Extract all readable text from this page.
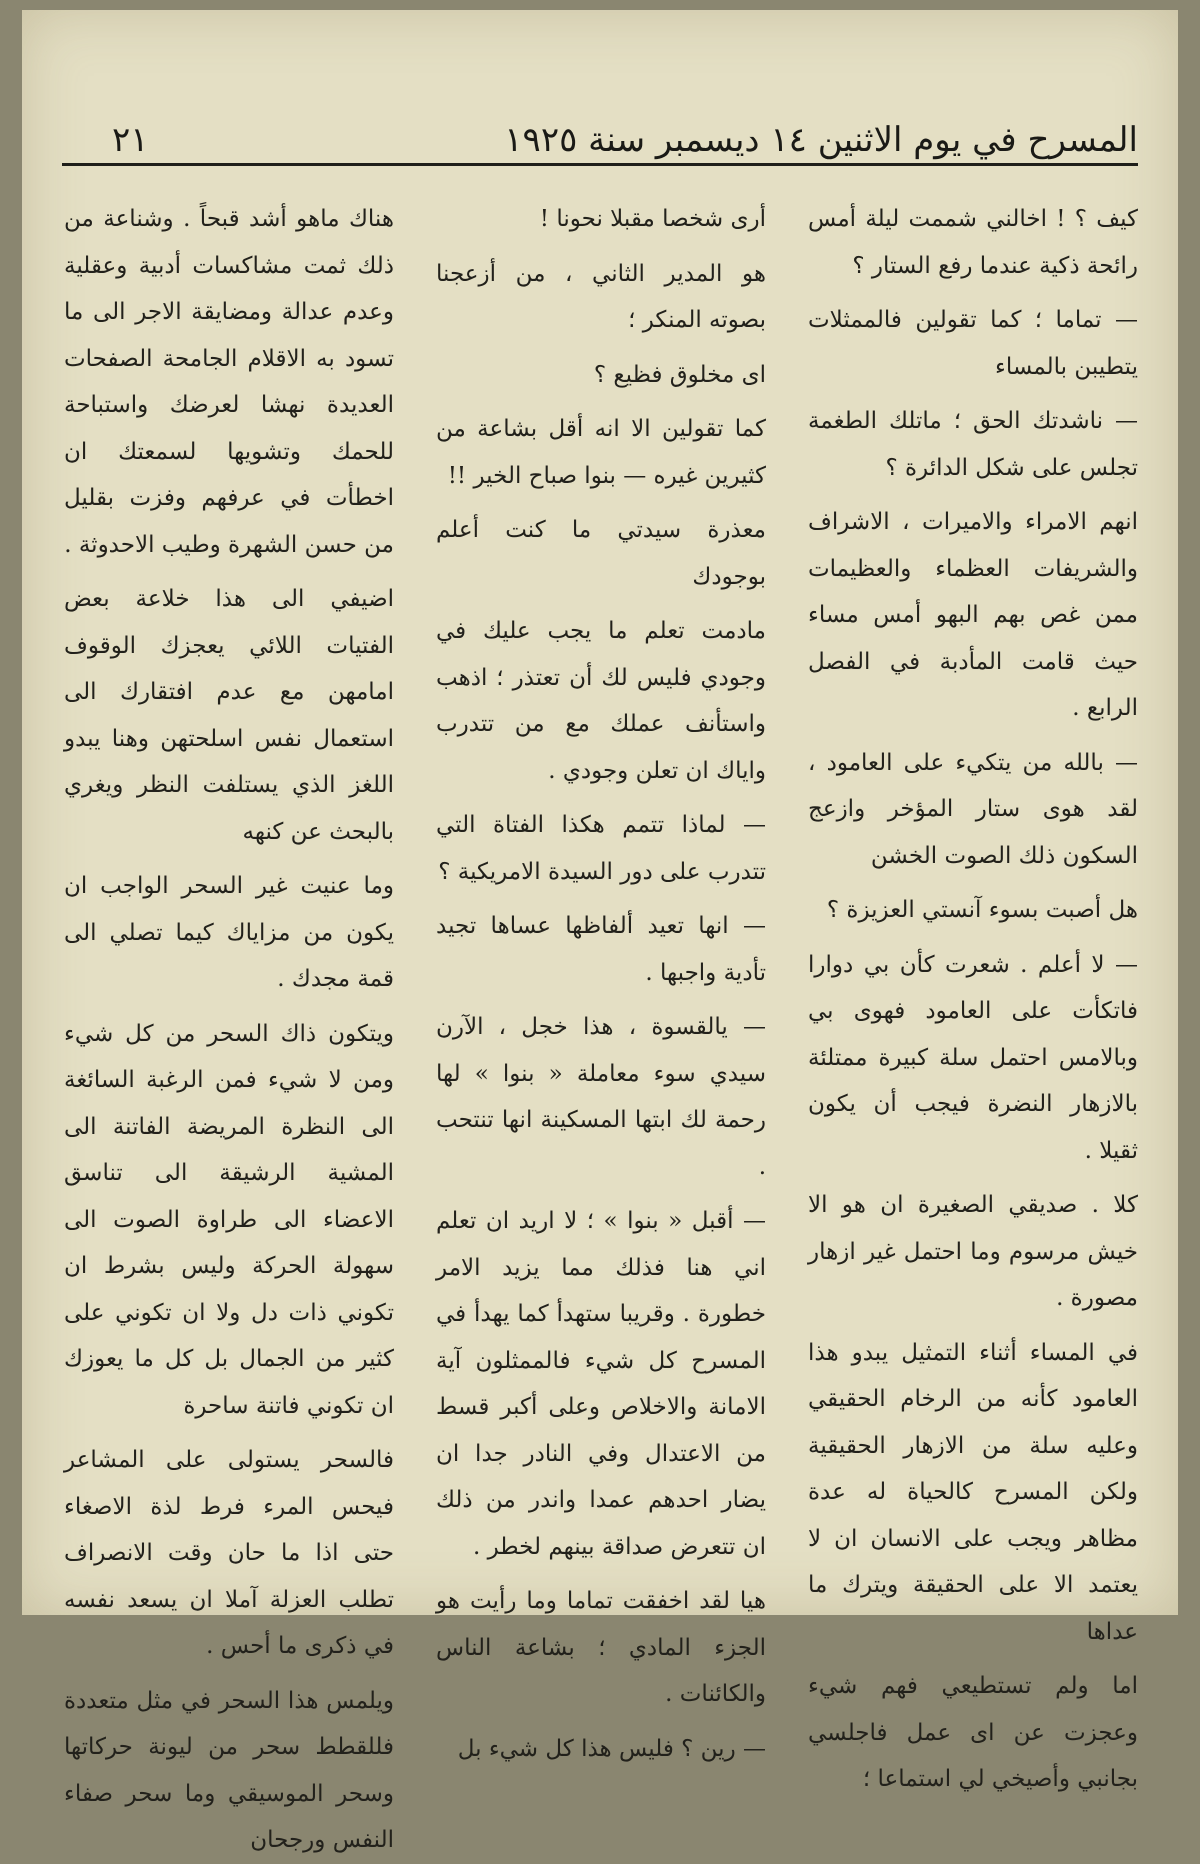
المسرح في يوم الاثنين ١٤ ديسمبر سنة ١٩٢٥
٢١

كيف ؟ ! اخالني شممت ليلة أمس رائحة ذكية عندما رفع الستار ؟

— تماما ؛ كما تقولين فالممثلات يتطيبن بالمساء

— ناشدتك الحق ؛ ماتلك الطغمة تجلس على شكل الدائرة ؟

انهم الامراء والاميرات ، الاشراف والشريفات العظماء والعظيمات ممن غص بهم البهو أمس مساء حيث قامت المأدبة في الفصل الرابع .

— بالله من يتكيء على العامود ، لقد هوى ستار المؤخر وازعج السكون ذلك الصوت الخشن

هل أصبت بسوء آنستي العزيزة ؟

— لا أعلم . شعرت كأن بي دوارا فاتكأت على العامود فهوى بي وبالامس احتمل سلة كبيرة ممتلئة بالازهار النضرة فيجب أن يكون ثقيلا .

كلا . صديقي الصغيرة ان هو الا خيش مرسوم وما احتمل غير ازهار مصورة .

في المساء أثناء التمثيل يبدو هذا العامود كأنه من الرخام الحقيقي وعليه سلة من الازهار الحقيقية ولكن المسرح كالحياة له عدة مظاهر ويجب على الانسان ان لا يعتمد الا على الحقيقة ويترك ما عداها

اما ولم تستطيعي فهم شيء وعجزت عن اى عمل فاجلسي بجانبي وأصيخي لي استماعا ؛

أرى شخصا مقبلا نحونا !

هو المدير الثاني ، من أزعجنا بصوته المنكر ؛

اى مخلوق فظيع ؟

كما تقولين الا انه أقل بشاعة من كثيرين غيره — بنوا صباح الخير !!

معذرة سيدتي ما كنت أعلم بوجودك

مادمت تعلم ما يجب عليك في وجودي فليس لك أن تعتذر ؛ اذهب واستأنف عملك مع من تتدرب واياك ان تعلن وجودي .

— لماذا تتمم هكذا الفتاة التي تتدرب على دور السيدة الامريكية ؟

— انها تعيد ألفاظها عساها تجيد تأدية واجبها .

— يالقسوة ، هذا خجل ، الآرن سيدي سوء معاملة « بنوا » لها رحمة لك ابتها المسكينة انها تنتحب .

— أقبل « بنوا » ؛ لا اريد ان تعلم اني هنا فذلك مما يزيد الامر خطورة . وقريبا ستهدأ كما يهدأ في المسرح كل شيء فالممثلون آية الامانة والاخلاص وعلى أكبر قسط من الاعتدال وفي النادر جدا ان يضار احدهم عمدا واندر من ذلك ان تتعرض صداقة بينهم لخطر .

هيا لقد اخفقت تماما وما رأيت هو الجزء المادي ؛ بشاعة الناس والكائنات .

— رين ؟ فليس هذا كل شيء بل

هناك ماهو أشد قبحاً . وشناعة من ذلك ثمت مشاكسات أدبية وعقلية وعدم عدالة ومضايقة الاجر الى ما تسود به الاقلام الجامحة الصفحات العديدة نهشا لعرضك واستباحة للحمك وتشويها لسمعتك ان اخطأت في عرفهم وفزت بقليل من حسن الشهرة وطيب الاحدوثة .

اضيفي الى هذا خلاعة بعض الفتيات اللائي يعجزك الوقوف امامهن مع عدم افتقارك الى استعمال نفس اسلحتهن وهنا يبدو اللغز الذي يستلفت النظر ويغري بالبحث عن كنهه

وما عنيت غير السحر الواجب ان يكون من مزاياك كيما تصلي الى قمة مجدك .

ويتكون ذاك السحر من كل شيء ومن لا شيء فمن الرغبة السائغة الى النظرة المريضة الفاتنة الى المشية الرشيقة الى تناسق الاعضاء الى طراوة الصوت الى سهولة الحركة وليس بشرط ان تكوني ذات دل ولا ان تكوني على كثير من الجمال بل كل ما يعوزك ان تكوني فاتنة ساحرة

فالسحر يستولى على المشاعر فيحس المرء فرط لذة الاصغاء حتى اذا ما حان وقت الانصراف تطلب العزلة آملا ان يسعد نفسه في ذكرى ما أحس .

ويلمس هذا السحر في مثل متعددة فللقطط سحر من ليونة حركاتها وسحر الموسيقي وما سحر صفاء النفس ورجحان
